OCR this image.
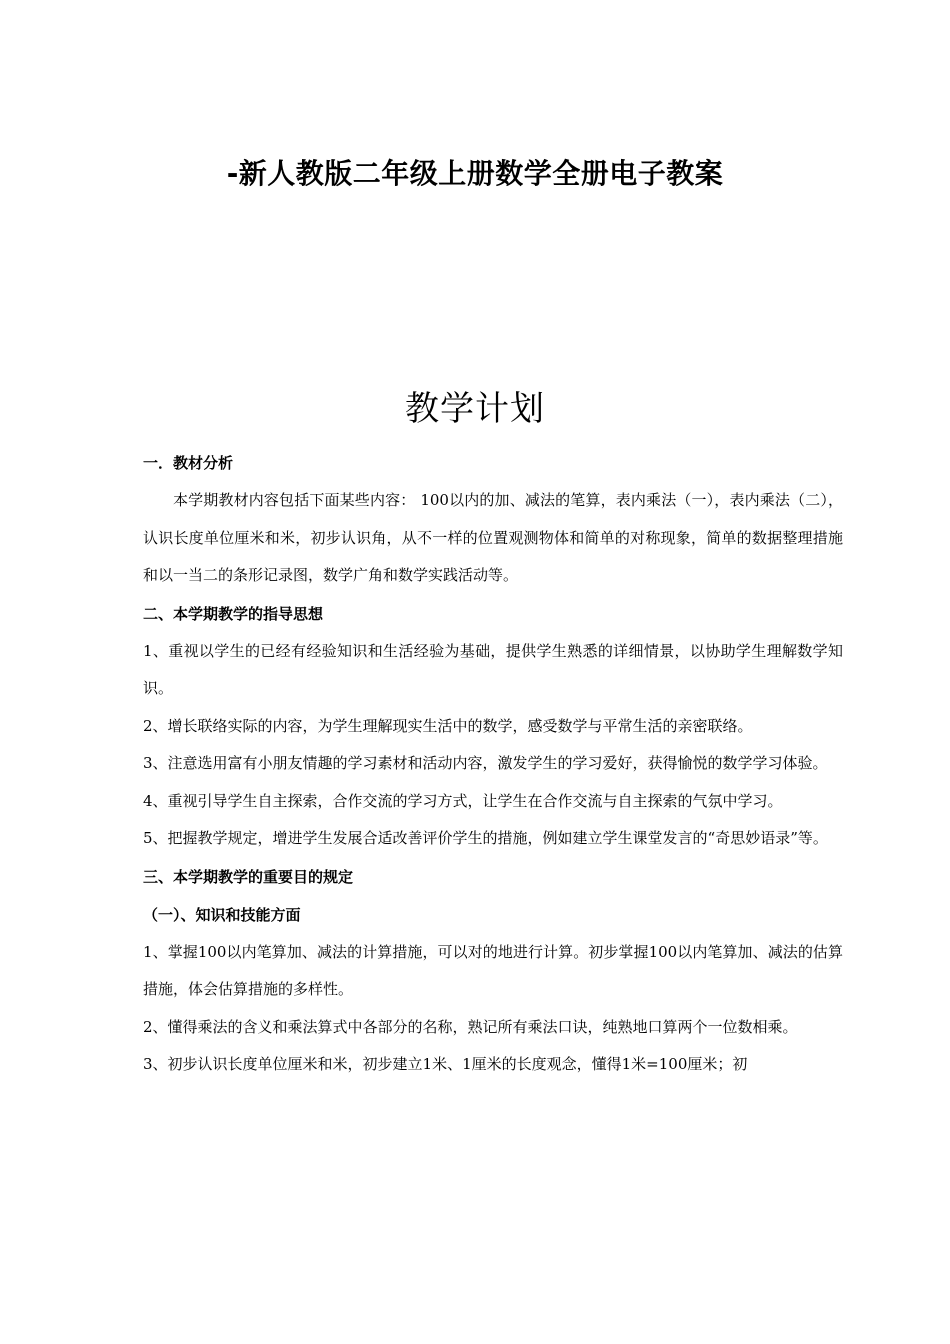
-新人教版二年级上册数学全册电子教案
教学计划
一．教材分析
本学期教材内容包括下面某些内容： 100以内的加、减法的笔算，表内乘法（一），表内乘法（二），认识长度单位厘米和米，初步认识角，从不一样的位置观测物体和简单的对称现象，简单的数据整理措施和以一当二的条形记录图，数学广角和数学实践活动等。
二、本学期教学的指导思想
1、重视以学生的已经有经验知识和生活经验为基础，提供学生熟悉的详细情景，以协助学生理解数学知识。
2、增长联络实际的内容，为学生理解现实生活中的数学，感受数学与平常生活的亲密联络。
3、注意选用富有小朋友情趣的学习素材和活动内容，激发学生的学习爱好，获得愉悦的数学学习体验。
4、重视引导学生自主探索，合作交流的学习方式，让学生在合作交流与自主探索的气氛中学习。
5、把握教学规定，增进学生发展合适改善评价学生的措施，例如建立学生课堂发言的“奇思妙语录”等。
三、本学期教学的重要目的规定
（一）、知识和技能方面
1、掌握100以内笔算加、减法的计算措施，可以对的地进行计算。初步掌握100以内笔算加、减法的估算措施，体会估算措施的多样性。
2、懂得乘法的含义和乘法算式中各部分的名称，熟记所有乘法口诀，纯熟地口算两个一位数相乘。
3、初步认识长度单位厘米和米，初步建立1米、1厘米的长度观念，懂得1米=100厘米；初
